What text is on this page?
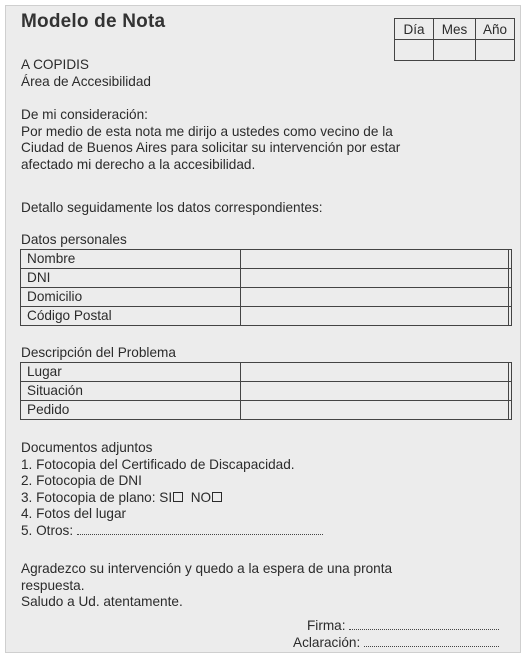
Modelo de Nota	Día	Mes	Año

A COPIDIS
Área de Accesibilidad
De mi consideración:
Por medio de esta nota me dirijo a ustedes como vecino de la
Ciudad de Buenos Aires para solicitar su intervención por estar
afectado mi derecho a la accesibilidad.
Detallo seguidamente los datos correspondientes:
Datos personales
Nombre		
DNI		
Domicilio		
Código Postal		
Descripción del Problema
Lugar		
Situación		
Pedido		
Documentos adjuntos
1. Fotocopia del Certificado de Discapacidad.
2. Fotocopia de DNI
3. Fotocopia de plano: SI NO
4. Fotos del lugar
5. Otros:
Agradezco su intervención y quedo a la espera de una pronta
respuesta.
Saludo a Ud. atentamente.
Firma:
Aclaración:
